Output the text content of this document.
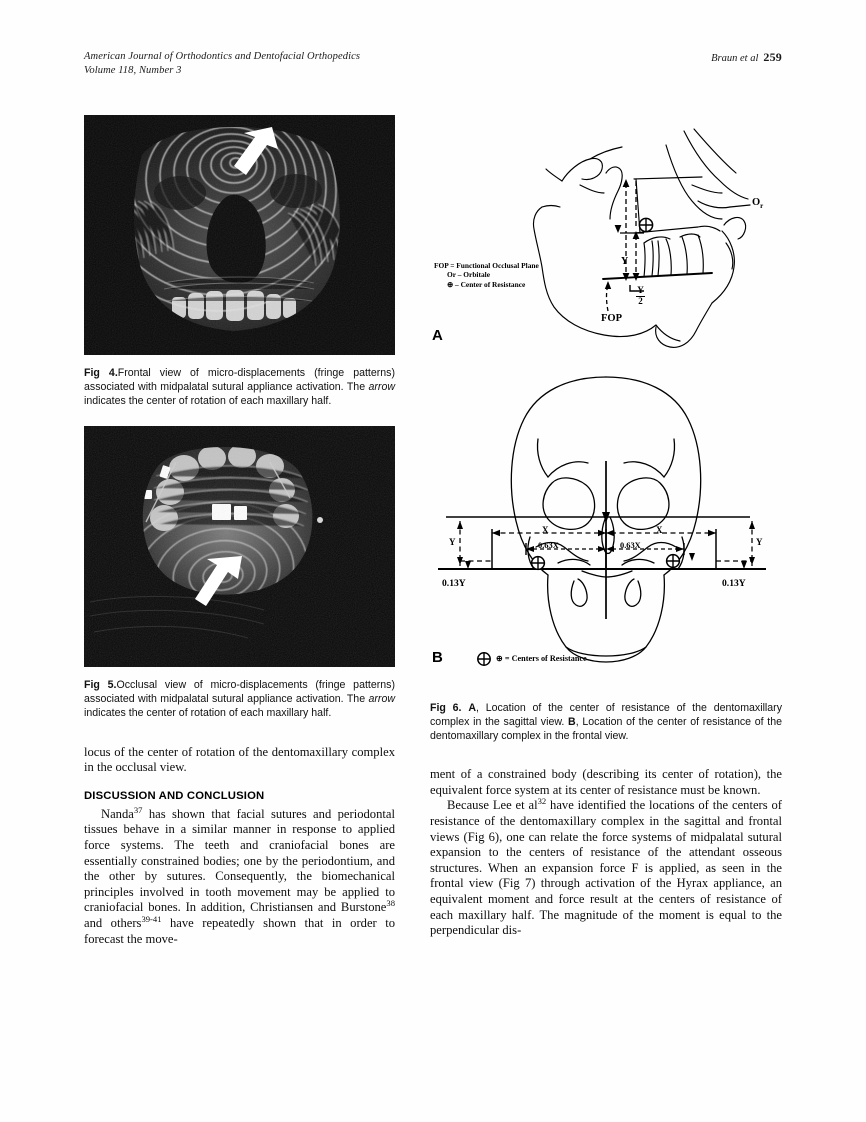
American Journal of Orthodontics and Dentofacial Orthopedics
Volume 118, Number 3
Braun et al 259
Fig 4.Frontal view of micro-displacements (fringe patterns) associated with midpalatal sutural appliance activation. The arrow indicates the center of rotation of each maxillary half.
Fig 5.Occlusal view of micro-displacements (fringe patterns) associated with midpalatal sutural appliance activation. The arrow indicates the center of rotation of each maxillary half.

locus of the center of rotation of the dentomaxillary complex in the occlusal view.

DISCUSSION AND CONCLUSION

Nanda$^{37}$ has shown that facial sutures and periodontal tissues behave in a similar manner in response to applied force systems. The teeth and craniofacial bones are essentially constrained bodies; one by the periodontium, and the other by sutures. Consequently, the biomechanical principles involved in tooth movement may be applied to craniofacial bones. In addition, Christiansen and Burstone$^{38}$ and others$^{39-41}$ have repeatedly shown that in order to forecast the move-

Y
Y
2
FOP
$O_r$
FOP = Functional Occlusal Plane
Or – Orbitale
⊕ – Center of Resistance
A
X	X
0.63X	0.63X
Y	Y
0.13Y	0.13Y
⊕ = Centers of Resistance
B
Fig 6. A, Location of the center of resistance of the dentomaxillary complex in the sagittal view. B, Location of the center of resistance of the dentomaxillary complex in the frontal view.

ment of a constrained body (describing its center of rotation), the equivalent force system at its center of resistance must be known.

Because Lee et $al^{32}$ have identified the locations of the centers of resistance of the dentomaxillary complex in the sagittal and frontal views (Fig 6), one can relate the force systems of midpalatal sutural expansion to the centers of resistance of the attendant osseous structures. When an expansion force F is applied, as seen in the frontal view (Fig 7) through activation of the Hyrax appliance, an equivalent moment and force result at the centers of resistance of each maxillary half. The magnitude of the moment is equal to the perpendicular dis-
